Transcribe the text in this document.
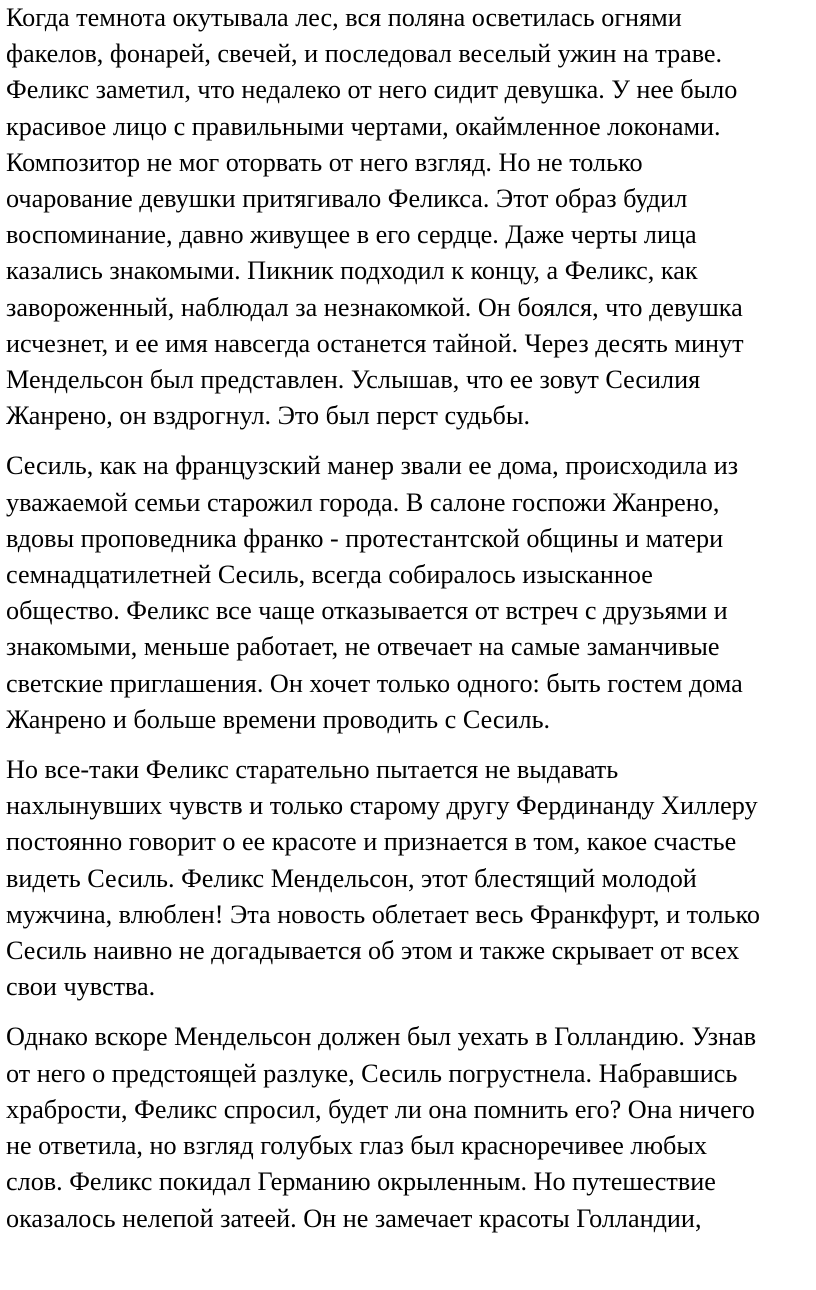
Когда темнота окутывала лес, вся поляна осветилась огнями
факелов, фонарей, свечей, и последовал веселый ужин на траве.
Феликс заметил, что недалеко от него сидит девушка. У нее было
красивое лицо с правильными чертами, окаймленное локонами.
Композитор не мог оторвать от него взгляд. Но не только
очарование девушки притягивало Феликса. Этот образ будил
воспоминание, давно живущее в его сердце. Даже черты лица
казались знакомыми. Пикник подходил к концу, а Феликс, как
завороженный, наблюдал за незнакомкой. Он боялся, что девушка
исчезнет, и ее имя навсегда останется тайной. Через десять минут
Мендельсон был представлен. Услышав, что ее зовут Сесилия
Жанрено, он вздрогнул. Это был перст судьбы.
Сесиль, как на французский манер звали ее дома, происходила из
уважаемой семьи старожил города. В салоне госпожи Жанрено,
вдовы проповедника франко - протестантской общины и матери
семнадцатилетней Сесиль, всегда собиралось изысканное
общество. Феликс все чаще отказывается от встреч с друзьями и
знакомыми, меньше работает, не отвечает на самые заманчивые
светские приглашения. Он хочет только одного: быть гостем дома
Жанрено и больше времени проводить с Сесиль.
Но все-таки Феликс старательно пытается не выдавать
нахлынувших чувств и только старому другу Фердинанду Хиллеру
постоянно говорит о ее красоте и признается в том, какое счастье
видеть Сесиль. Феликс Мендельсон, этот блестящий молодой
мужчина, влюблен! Эта новость облетает весь Франкфурт, и только
Сесиль наивно не догадывается об этом и также скрывает от всех
свои чувства.
Однако вскоре Мендельсон должен был уехать в Голландию. Узнав
от него о предстоящей разлуке, Сесиль погрустнела. Набравшись
храбрости, Феликс спросил, будет ли она помнить его? Она ничего
не ответила, но взгляд голубых глаз был красноречивее любых
слов. Феликс покидал Германию окрыленным. Но путешествие
оказалось нелепой затеей. Он не замечает красоты Голландии,
